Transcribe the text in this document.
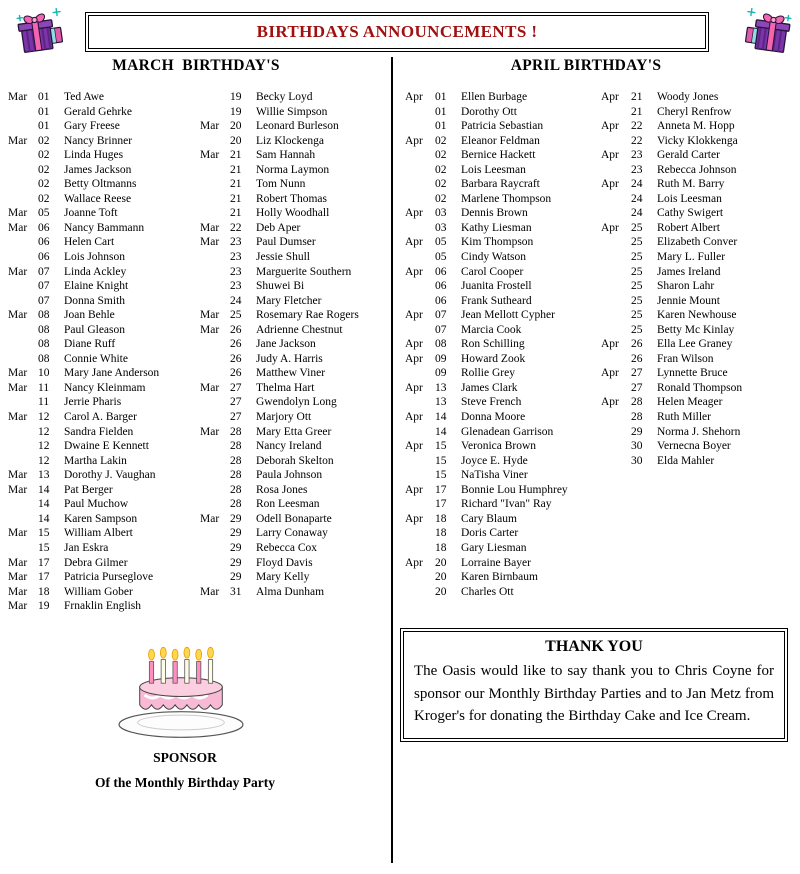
BIRTHDAYS ANNOUNCEMENTS !
MARCH  BIRTHDAY'S	APRIL BIRTHDAY'S
Mar 01	Ted Awe
01	Gerald Gehrke
01	Gary Freese
Mar 02	Nancy Brinner
02	Linda Huges
02	James Jackson
02	Betty Oltmanns
02	Wallace Reese
Mar 05	Joanne Toft
Mar 06	Nancy Bammann
06	Helen Cart
06	Lois Johnson
Mar 07	Linda Ackley
07	Elaine Knight
07	Donna Smith
Mar 08	Joan Behle
08	Paul Gleason
08	Diane Ruff
08	Connie White
Mar 10	Mary Jane Anderson
Mar 11	Nancy Kleinmam
11	Jerrie Pharis
Mar 12	Carol A. Barger
12	Sandra Fielden
12	Dwaine E Kennett
12	Martha Lakin
Mar 13	Dorothy J. Vaughan
Mar 14	Pat Berger
14	Paul Muchow
14	Karen Sampson
Mar 15	William Albert
15	Jan Eskra
Mar 17	Debra Gilmer
Mar 17	Patricia Purseglove
Mar 18	William Gober
Mar 19	Frnaklin English
19	Becky Loyd
19	Willie Simpson
Mar 20	Leonard Burleson
20	Liz Klockenga
Mar 21	Sam Hannah
21	Norma Laymon
21	Tom Nunn
21	Robert Thomas
21	Holly Woodhall
Mar 22	Deb Aper
Mar 23	Paul Dumser
23	Jessie Shull
23	Marguerite Southern
23	Shuwei Bi
24	Mary Fletcher
Mar 25	Rosemary Rae Rogers
Mar 26	Adrienne Chestnut
26	Jane Jackson
26	Judy A. Harris
26	Matthew Viner
Mar 27	Thelma Hart
27	Gwendolyn Long
27	Marjory Ott
Mar 28	Mary Etta Greer
28	Nancy Ireland
28	Deborah Skelton
28	Paula Johnson
28	Rosa Jones
28	Ron Leesman
Mar 29	Odell Bonaparte
29	Larry Conaway
29	Rebecca Cox
29	Floyd Davis
29	Mary Kelly
Mar 31	Alma Dunham
Apr	01	Ellen Burbage
01	Dorothy Ott
01	Patricia Sebastian
Apr	02	Eleanor Feldman
02	Bernice Hackett
02	Lois Leesman
02	Barbara Raycraft
02	Marlene Thompson
Apr	03	Dennis Brown
03	Kathy Liesman
Apr	05	Kim Thompson
05	Cindy Watson
Apr	06	Carol Cooper
06	Juanita Frostell
06	Frank Sutheard
Apr	07	Jean Mellott Cypher
07	Marcia Cook
Apr	08	Ron Schilling
Apr	09	Howard Zook
09	Rollie Grey
Apr	13	James Clark
13	Steve French
Apr	14	Donna Moore
14	Glenadean Garrison
Apr	15	Veronica Brown
15	Joyce E. Hyde
15	NaTisha Viner
Apr	17	Bonnie Lou Humphrey
17	Richard "Ivan" Ray
Apr	18	Cary Blaum
18	Doris Carter
18	Gary Liesman
Apr	20	Lorraine Bayer
20	Karen Birnbaum
20	Charles Ott
Apr	21	Woody Jones
21	Cheryl Renfrow
Apr	22	Anneta M. Hopp
22	Vicky Klokkenga
Apr	23	Gerald Carter
23	Rebecca Johnson
Apr	24	Ruth M. Barry
24	Lois Leesman
24	Cathy Swigert
Apr	25	Robert Albert
25	Elizabeth Conver
25	Mary L. Fuller
25	James Ireland
25	Sharon Lahr
25	Jennie Mount
25	Karen Newhouse
25	Betty Mc Kinlay
Apr	26	Ella Lee Graney
26	Fran Wilson
Apr	27	Lynnette Bruce
27	Ronald Thompson
Apr	28	Helen Meager
28	Ruth Miller
29	Norma J. Shehorn
30	Vernecna Boyer
30	Elda Mahler
SPONSOR
Of the Monthly Birthday Party
THANK YOU

The Oasis would like to say thank you to Chris Coyne for sponsor our Monthly Birthday Parties and to Jan Metz from Kroger's for donating the Birthday Cake and Ice Cream.
